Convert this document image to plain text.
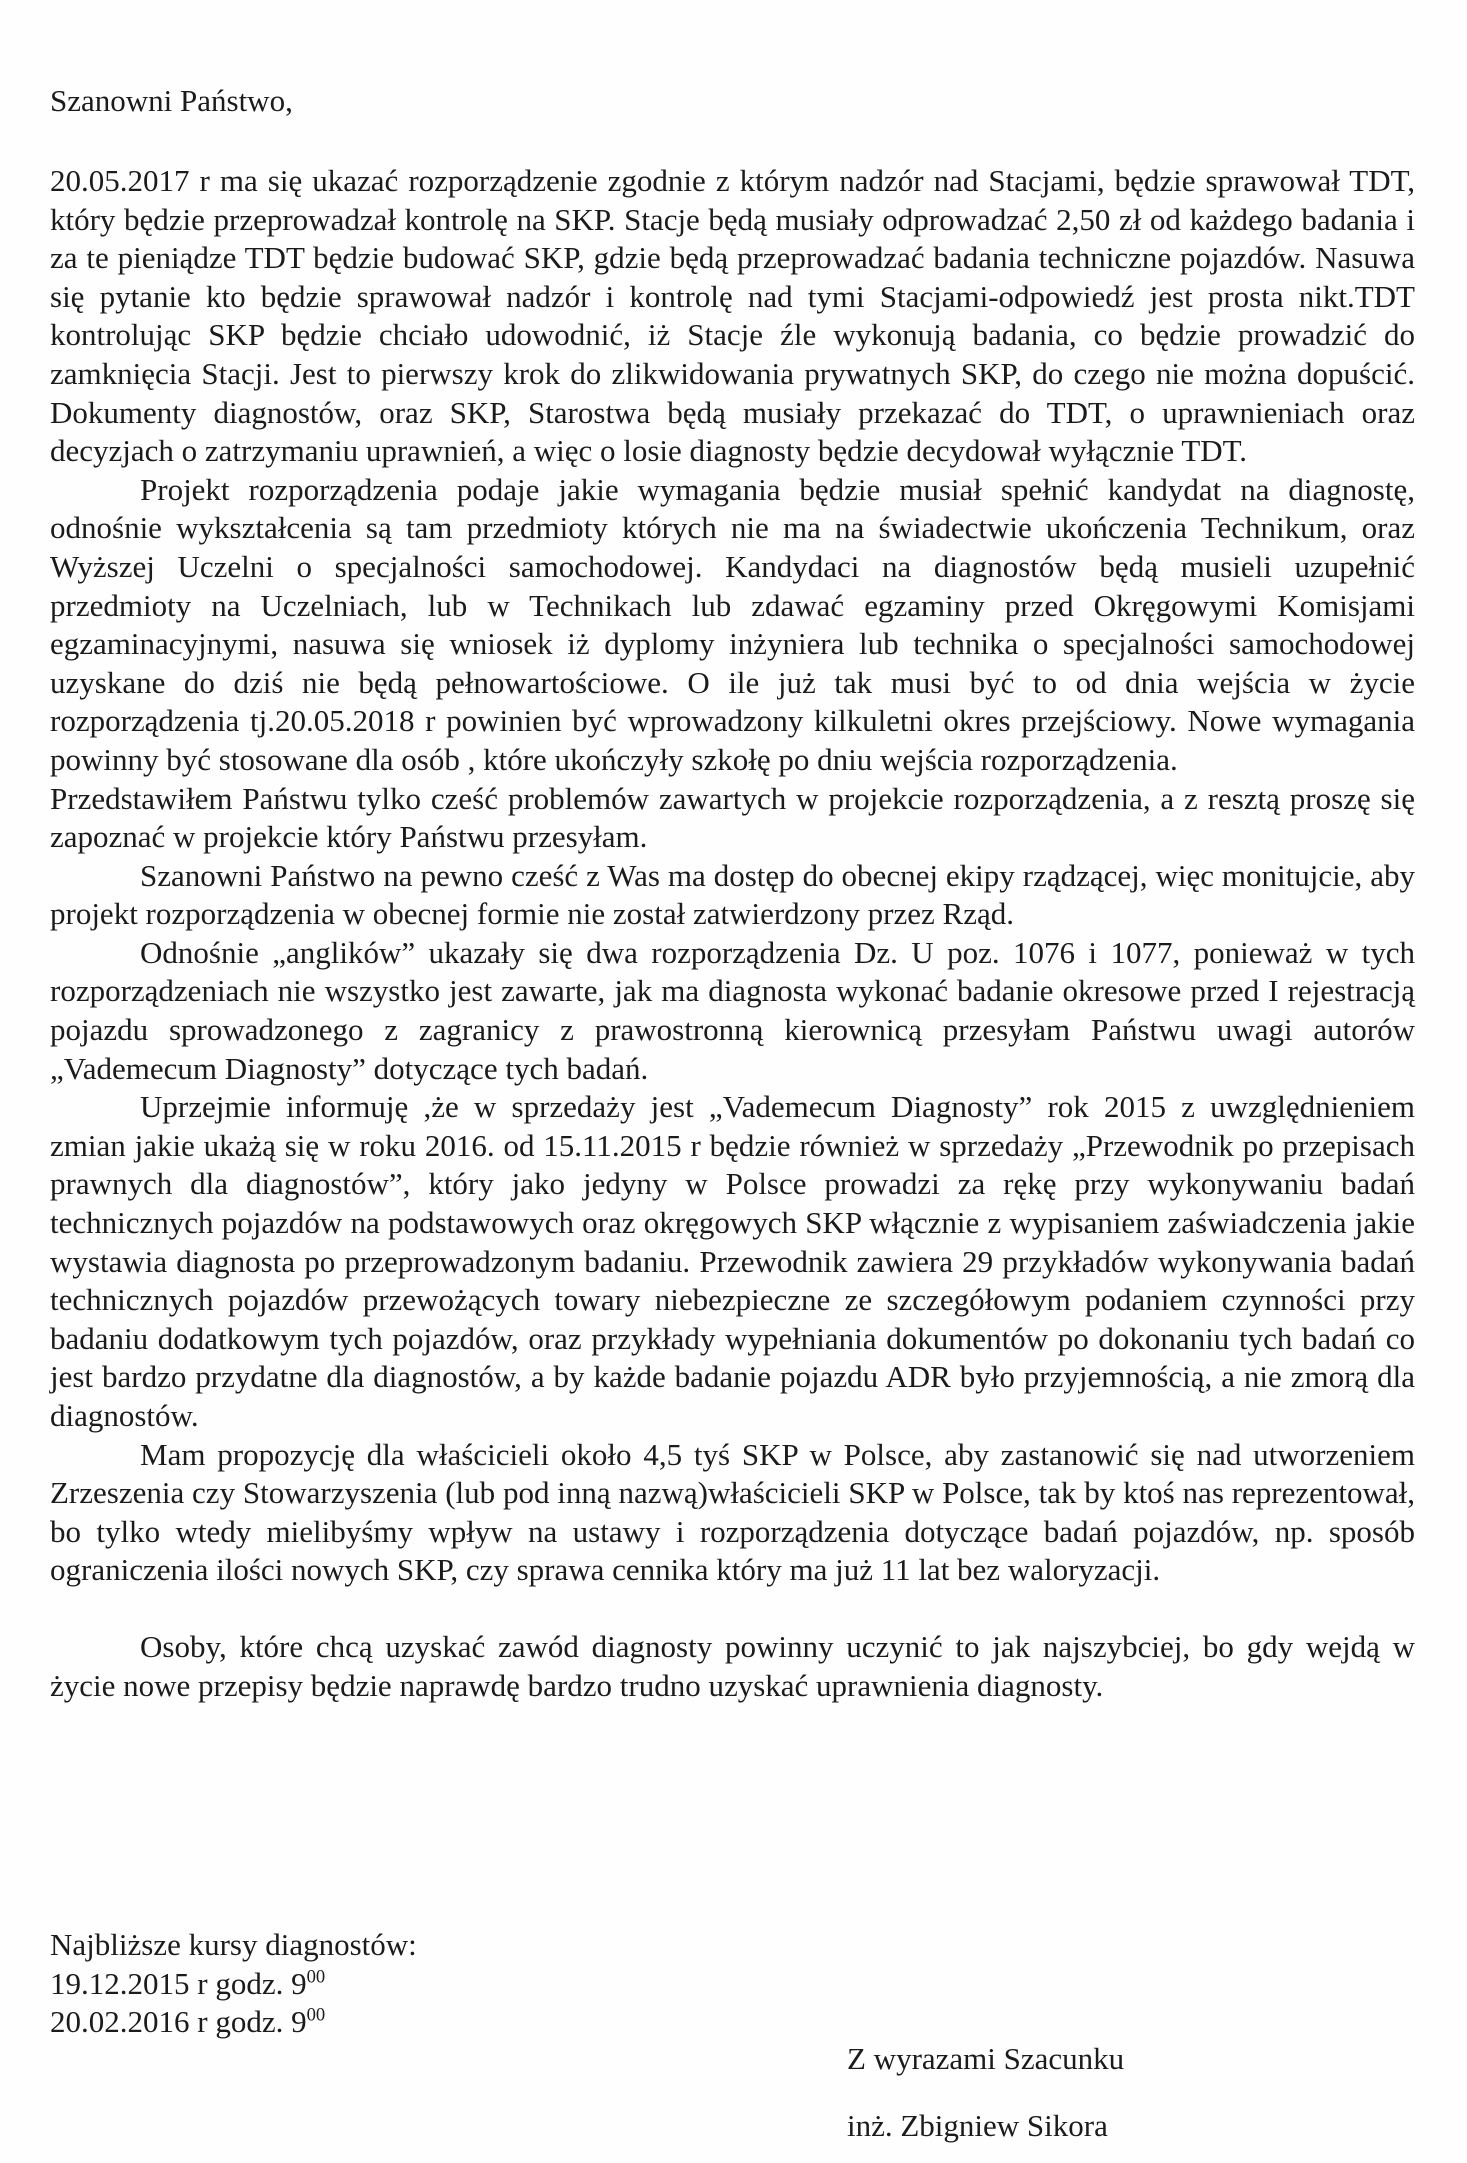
Szanowni Państwo,

20.05.2017 r ma się ukazać rozporządzenie zgodnie z którym nadzór nad Stacjami, będzie sprawował TDT, który będzie przeprowadzał kontrolę na SKP. Stacje będą musiały odprowadzać 2,50 zł od każdego badania i za te pieniądze TDT będzie budować SKP, gdzie będą przeprowadzać badania techniczne pojazdów. Nasuwa się pytanie kto będzie sprawował nadzór i kontrolę nad tymi Stacjami-odpowiedź jest prosta nikt.TDT kontrolując SKP będzie chciało udowodnić, iż Stacje źle wykonują badania, co będzie prowadzić do zamknięcia Stacji. Jest to pierwszy krok do zlikwidowania prywatnych SKP, do czego nie można dopuścić. Dokumenty diagnostów, oraz SKP, Starostwa będą musiały przekazać do TDT, o uprawnieniach oraz decyzjach o zatrzymaniu uprawnień, a więc o losie diagnosty będzie decydował wyłącznie TDT.

Projekt rozporządzenia podaje jakie wymagania będzie musiał spełnić kandydat na diagnostę, odnośnie wykształcenia są tam przedmioty których nie ma na świadectwie ukończenia Technikum, oraz Wyższej Uczelni o specjalności samochodowej. Kandydaci na diagnostów będą musieli uzupełnić przedmioty na Uczelniach, lub w Technikach lub zdawać egzaminy przed Okręgowymi Komisjami egzaminacyjnymi, nasuwa się wniosek iż dyplomy inżyniera lub technika o specjalności samochodowej uzyskane do dziś nie będą pełnowartościowe. O ile już tak musi być to od dnia wejścia w życie rozporządzenia tj.20.05.2018 r powinien być wprowadzony kilkuletni okres przejściowy. Nowe wymagania powinny być stosowane dla osób , które ukończyły szkołę po dniu wejścia rozporządzenia.

Przedstawiłem Państwu tylko cześć problemów zawartych w projekcie rozporządzenia, a z resztą proszę się zapoznać w projekcie który Państwu przesyłam.

Szanowni Państwo na pewno cześć z Was ma dostęp do obecnej ekipy rządzącej, więc monitujcie, aby projekt rozporządzenia w obecnej formie nie został zatwierdzony przez Rząd.

Odnośnie „anglików” ukazały się dwa rozporządzenia Dz. U poz. 1076 i 1077, ponieważ w tych rozporządzeniach nie wszystko jest zawarte, jak ma diagnosta wykonać badanie okresowe przed I rejestracją pojazdu sprowadzonego z zagranicy z prawostronną kierownicą przesyłam Państwu uwagi autorów „Vademecum Diagnosty” dotyczące tych badań.

Uprzejmie informuję ,że w sprzedaży jest „Vademecum Diagnosty” rok 2015 z uwzględnieniem zmian jakie ukażą się w roku 2016. od 15.11.2015 r będzie również w sprzedaży „Przewodnik po przepisach prawnych dla diagnostów”, który jako jedyny w Polsce prowadzi za rękę przy wykonywaniu badań technicznych pojazdów na podstawowych oraz okręgowych SKP włącznie z wypisaniem zaświadczenia jakie wystawia diagnosta po przeprowadzonym badaniu. Przewodnik zawiera 29 przykładów wykonywania badań technicznych pojazdów przewożących towary niebezpieczne ze szczegółowym podaniem czynności przy badaniu dodatkowym tych pojazdów, oraz przykłady wypełniania dokumentów po dokonaniu tych badań co jest bardzo przydatne dla diagnostów, a by każde badanie pojazdu ADR było przyjemnością, a nie zmorą dla diagnostów.

Mam propozycję dla właścicieli około 4,5 tyś SKP w Polsce, aby zastanowić się nad utworzeniem Zrzeszenia czy Stowarzyszenia (lub pod inną nazwą)właścicieli SKP w Polsce, tak by ktoś nas reprezentował, bo tylko wtedy mielibyśmy wpływ na ustawy i rozporządzenia dotyczące badań pojazdów, np. sposób ograniczenia ilości nowych SKP, czy sprawa cennika który ma już 11 lat bez waloryzacji.

Osoby, które chcą uzyskać zawód diagnosty powinny uczynić to jak najszybciej, bo gdy wejdą w życie nowe przepisy będzie naprawdę bardzo trudno uzyskać uprawnienia diagnosty.

Najbliższe kursy diagnostów:
19.12.2015 r godz. $9^{00}$
20.02.2016 r godz. $9^{00}$

Z wyrazami Szacunku

inż. Zbigniew Sikora
